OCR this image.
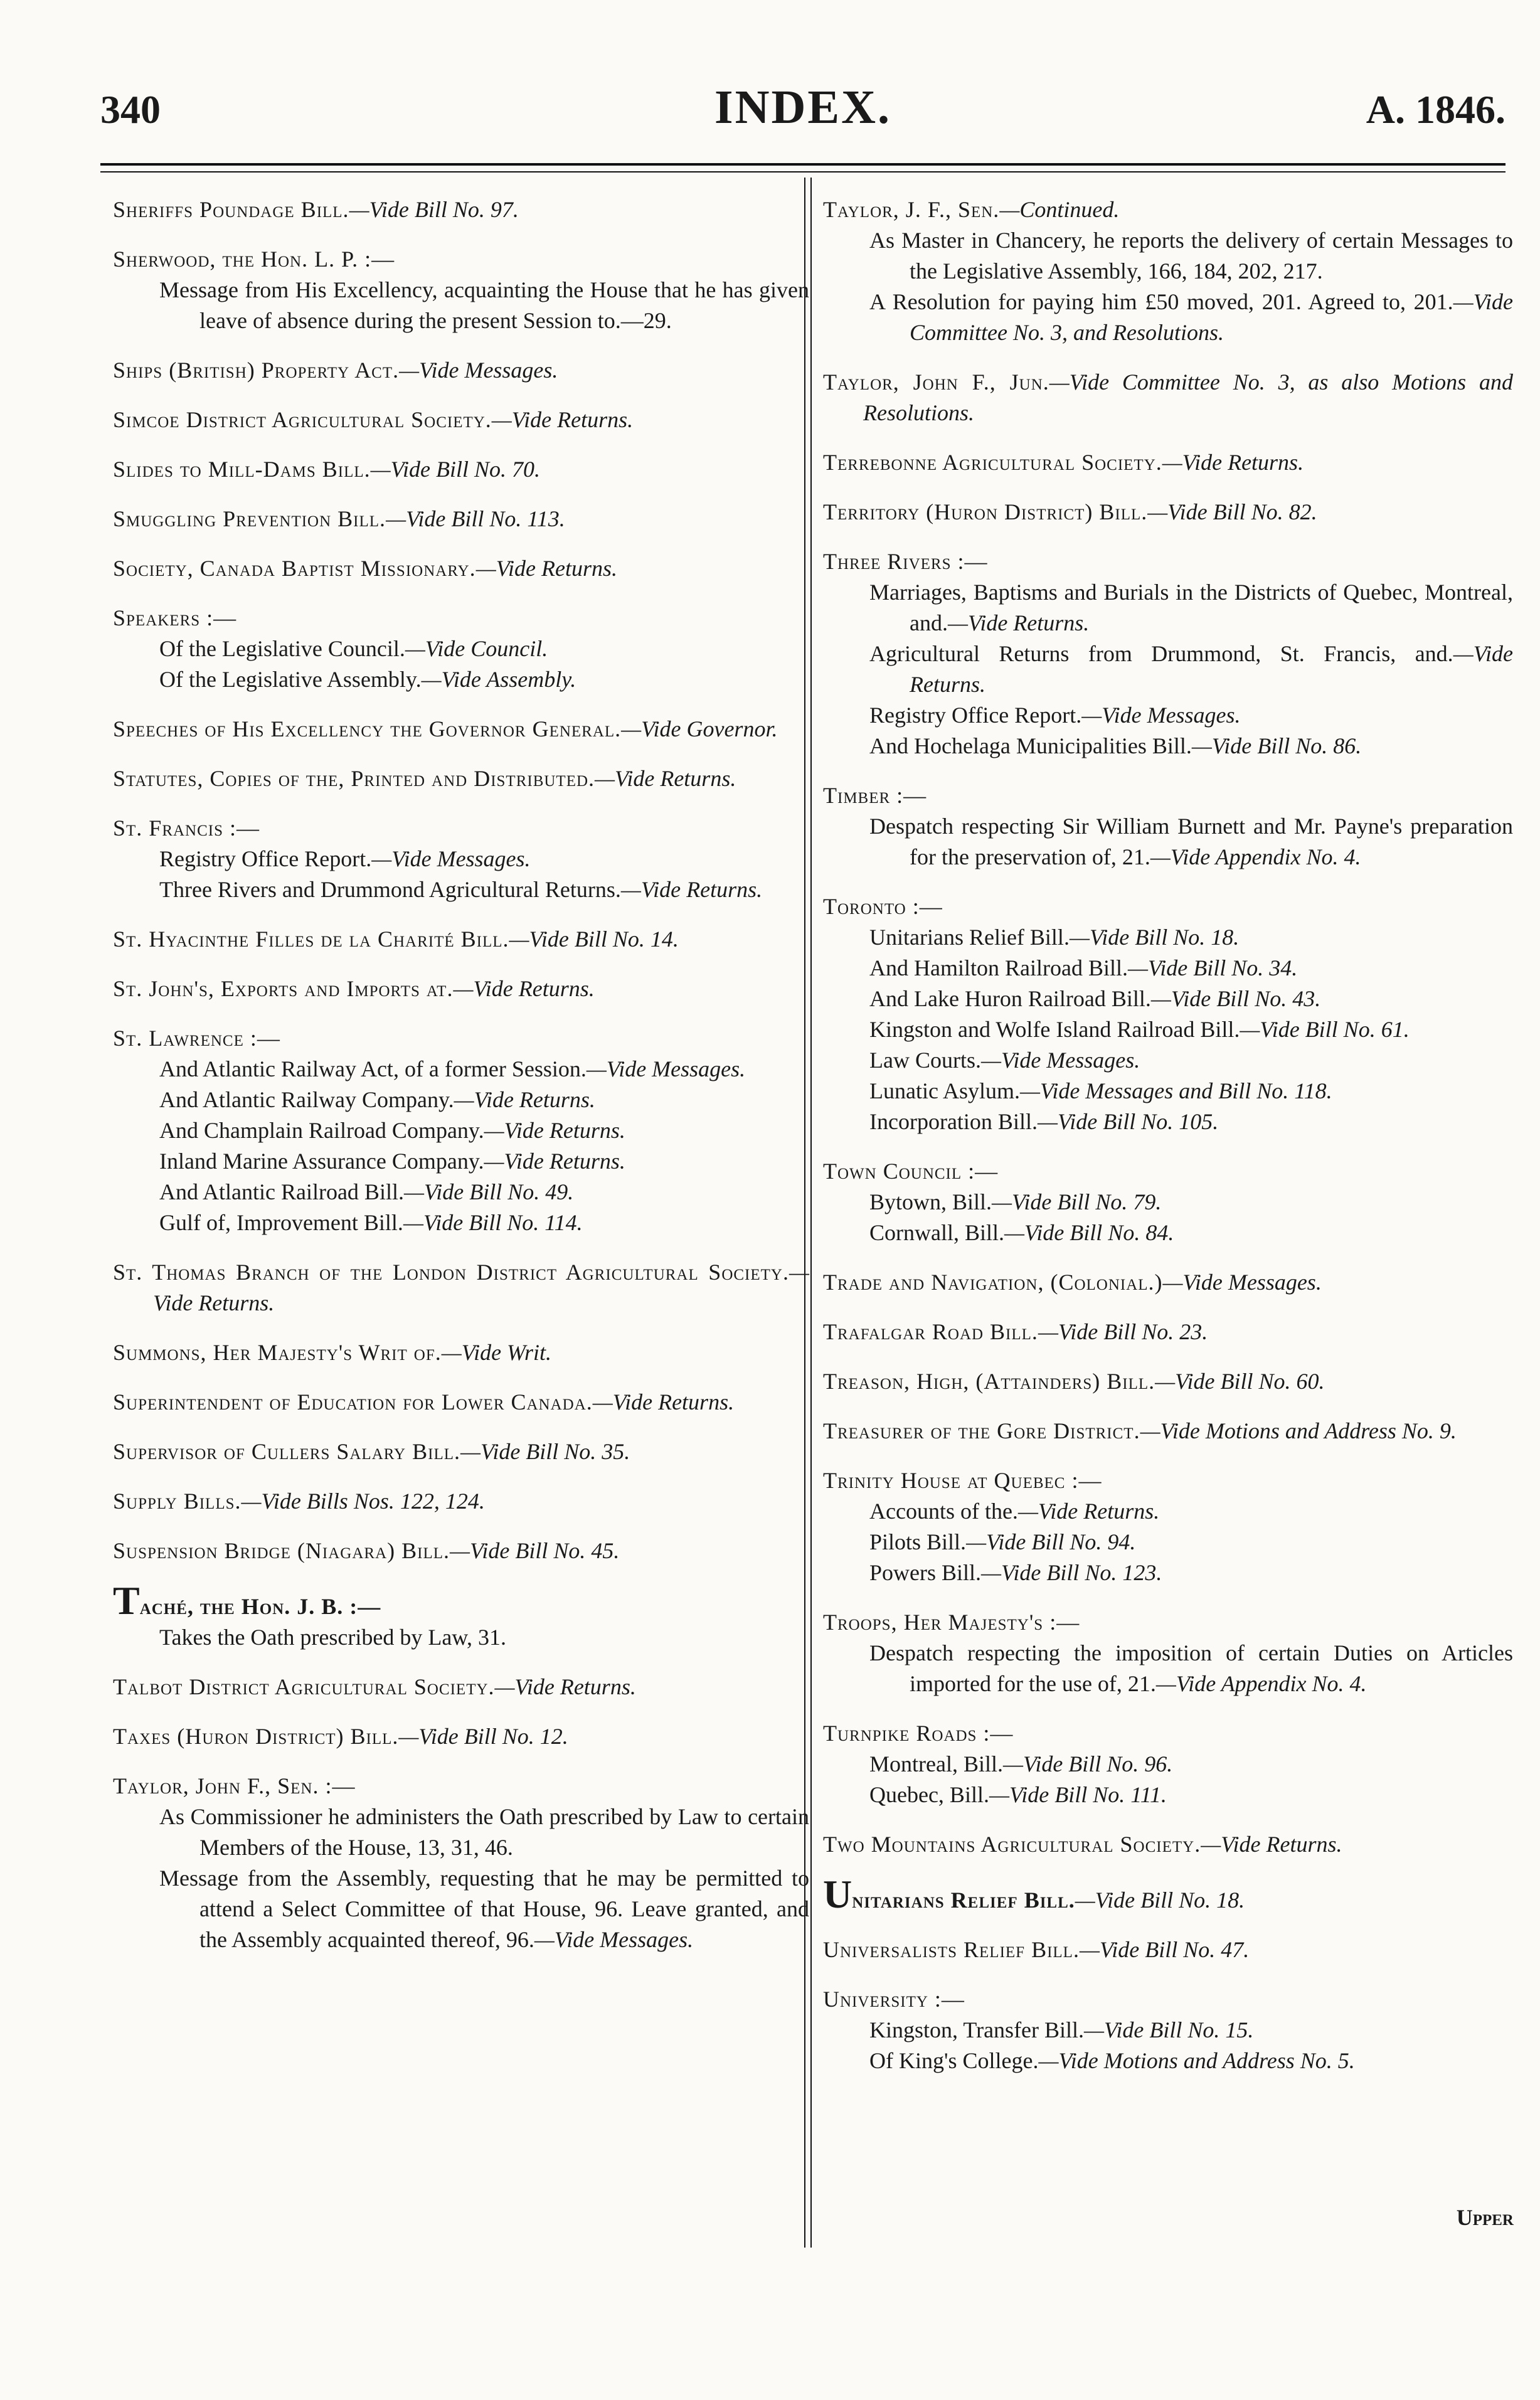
340	INDEX.	A. 1846.
Sheriffs Poundage Bill.—Vide Bill No. 97.
Sherwood, the Hon. L. P. :—
Message from His Excellency, acquainting the House that he has given leave of absence during the present Session to.—29.
Ships (British) Property Act.—Vide Messages.
Simcoe District Agricultural Society.—Vide Returns.
Slides to Mill-Dams Bill.—Vide Bill No. 70.
Smuggling Prevention Bill.—Vide Bill No. 113.
Society, Canada Baptist Missionary.—Vide Returns.
Speakers :—
Of the Legislative Council.—Vide Council.
Of the Legislative Assembly.—Vide Assembly.
Speeches of His Excellency the Governor General.—Vide Governor.
Statutes, Copies of the, Printed and Distributed.—Vide Returns.
St. Francis :—
Registry Office Report.—Vide Messages.
Three Rivers and Drummond Agricultural Returns.—Vide Returns.
St. Hyacinthe Filles de la Charité Bill.—Vide Bill No. 14.
St. John's, Exports and Imports at.—Vide Returns.
St. Lawrence :—
And Atlantic Railway Act, of a former Session.—Vide Messages.
And Atlantic Railway Company.—Vide Returns.
And Champlain Railroad Company.—Vide Returns.
Inland Marine Assurance Company.—Vide Returns.
And Atlantic Railroad Bill.—Vide Bill No. 49.
Gulf of, Improvement Bill.—Vide Bill No. 114.
St. Thomas Branch of the London District Agricultural Society.—Vide Returns.
Summons, Her Majesty's Writ of.—Vide Writ.
Superintendent of Education for Lower Canada.—Vide Returns.
Supervisor of Cullers Salary Bill.—Vide Bill No. 35.
Supply Bills.—Vide Bills Nos. 122, 124.
Suspension Bridge (Niagara) Bill.—Vide Bill No. 45.
Taché, the Hon. J. B. :—
Takes the Oath prescribed by Law, 31.
Talbot District Agricultural Society.—Vide Returns.
Taxes (Huron District) Bill.—Vide Bill No. 12.
Taylor, John F., Sen. :—
As Commissioner he administers the Oath prescribed by Law to certain Members of the House, 13, 31, 46.
Message from the Assembly, requesting that he may be permitted to attend a Select Committee of that House, 96. Leave granted, and the Assembly acquainted thereof, 96.—Vide Messages.
Taylor, J. F., Sen.—Continued.
As Master in Chancery, he reports the delivery of certain Messages to the Legislative Assembly, 166, 184, 202, 217.
A Resolution for paying him £50 moved, 201. Agreed to, 201.—Vide Committee No. 3, and Resolutions.
Taylor, John F., Jun.—Vide Committee No. 3, as also Motions and Resolutions.
Terrebonne Agricultural Society.—Vide Returns.
Territory (Huron District) Bill.—Vide Bill No. 82.
Three Rivers :—
Marriages, Baptisms and Burials in the Districts of Quebec, Montreal, and.—Vide Returns.
Agricultural Returns from Drummond, St. Francis, and.—Vide Returns.
Registry Office Report.—Vide Messages.
And Hochelaga Municipalities Bill.—Vide Bill No. 86.
Timber :—
Despatch respecting Sir William Burnett and Mr. Payne's preparation for the preservation of, 21.—Vide Appendix No. 4.
Toronto :—
Unitarians Relief Bill.—Vide Bill No. 18.
And Hamilton Railroad Bill.—Vide Bill No. 34.
And Lake Huron Railroad Bill.—Vide Bill No. 43.
Kingston and Wolfe Island Railroad Bill.—Vide Bill No. 61.
Law Courts.—Vide Messages.
Lunatic Asylum.—Vide Messages and Bill No. 118.
Incorporation Bill.—Vide Bill No. 105.
Town Council :—
Bytown, Bill.—Vide Bill No. 79.
Cornwall, Bill.—Vide Bill No. 84.
Trade and Navigation, (Colonial.)—Vide Messages.
Trafalgar Road Bill.—Vide Bill No. 23.
Treason, High, (Attainders) Bill.—Vide Bill No. 60.
Treasurer of the Gore District.—Vide Motions and Address No. 9.
Trinity House at Quebec :—
Accounts of the.—Vide Returns.
Pilots Bill.—Vide Bill No. 94.
Powers Bill.—Vide Bill No. 123.
Troops, Her Majesty's :—
Despatch respecting the imposition of certain Duties on Articles imported for the use of, 21.—Vide Appendix No. 4.
Turnpike Roads :—
Montreal, Bill.—Vide Bill No. 96.
Quebec, Bill.—Vide Bill No. 111.
Two Mountains Agricultural Society.—Vide Returns.
Unitarians Relief Bill.—Vide Bill No. 18.
Universalists Relief Bill.—Vide Bill No. 47.
University :—
Kingston, Transfer Bill.—Vide Bill No. 15.
Of King's College.—Vide Motions and Address No. 5.
Upper
